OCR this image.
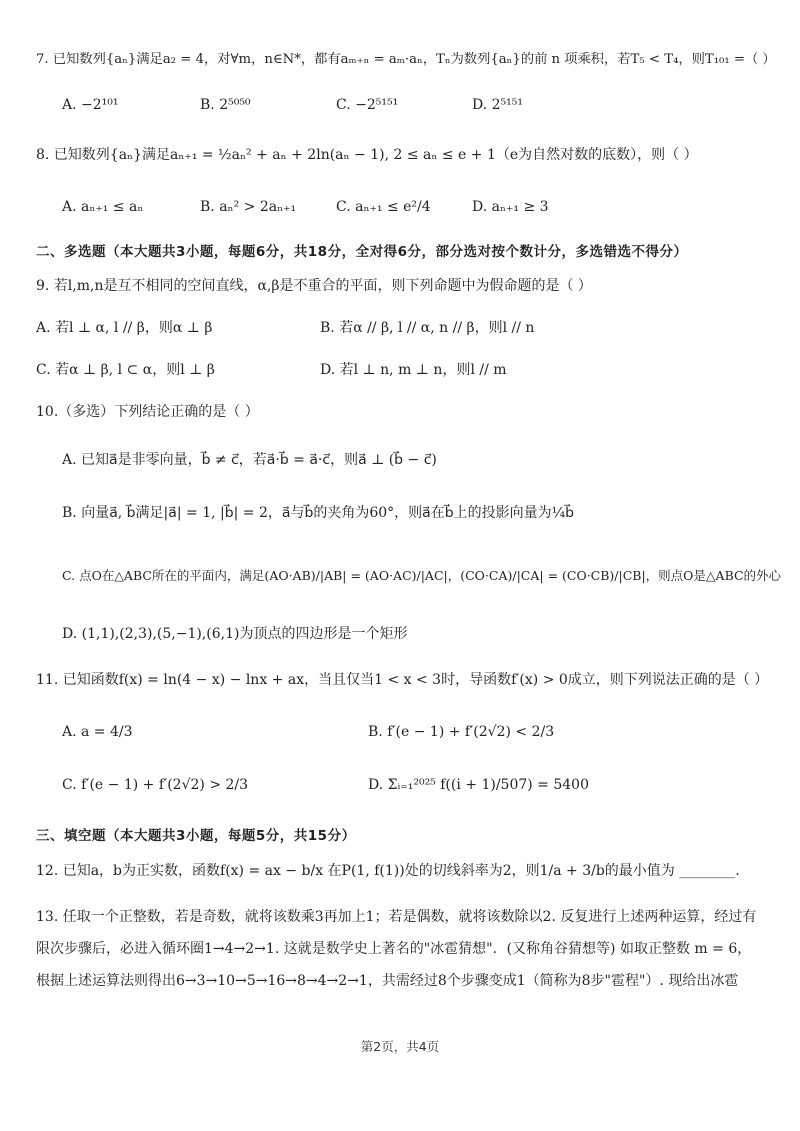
7. 已知数列{aₙ}满足a₂ = 4，对∀m，n∈N*，都有aₘ₊ₙ = aₘ·aₙ，Tₙ为数列{aₙ}的前 n 项乘积，若T₅ < T₄，则T₁₀₁ =（ ）
A. −2¹⁰¹	B. 2⁵⁰⁵⁰	C. −2⁵¹⁵¹	D. 2⁵¹⁵¹
8. 已知数列{aₙ}满足aₙ₊₁ = ½aₙ² + aₙ + 2ln(aₙ − 1), 2 ≤ aₙ ≤ e + 1（e为自然对数的底数），则（ ）
A. aₙ₊₁ ≤ aₙ	B. aₙ² > 2aₙ₊₁	C. aₙ₊₁ ≤ e²/4	D. aₙ₊₁ ≥ 3
二、多选题（本大题共3小题，每题6分，共18分，全对得6分，部分选对按个数计分，多选错选不得分）
9. 若l,m,n是互不相同的空间直线，α,β是不重合的平面，则下列命题中为假命题的是（ ）
A. 若l ⊥ α, l // β，则α ⊥ β	B. 若α // β, l // α, n // β，则l // n
C. 若α ⊥ β, l ⊂ α，则l ⊥ β	D. 若l ⊥ n, m ⊥ n，则l // m
10.（多选）下列结论正确的是（ ）
A. 已知a⃗是非零向量，b⃗ ≠ c⃗，若a⃗·b⃗ = a⃗·c⃗，则a⃗ ⊥ (b⃗ − c⃗)
B. 向量a⃗, b⃗满足|a⃗| = 1, |b⃗| = 2，a⃗与b⃗的夹角为60°，则a⃗在b⃗上的投影向量为¼b⃗
C. 点O在△ABC所在的平面内，满足(AO·AB)/|AB| = (AO·AC)/|AC|，(CO·CA)/|CA| = (CO·CB)/|CB|，则点O是△ABC的外心
D. (1,1),(2,3),(5,−1),(6,1)为顶点的四边形是一个矩形
11. 已知函数f(x) = ln(4 − x) − lnx + ax，当且仅当1 < x < 3时，导函数f′(x) > 0成立，则下列说法正确的是（ ）
A. a = 4/3	B. f′(e − 1) + f′(2√2) < 2/3
C. f′(e − 1) + f′(2√2) > 2/3	D. Σᵢ₌₁²⁰²⁵ f((i + 1)/507) = 5400
三、填空题（本大题共3小题，每题5分，共15分）
12. 已知a，b为正实数，函数f(x) = ax − b/x 在P(1, f(1))处的切线斜率为2，则1/a + 3/b的最小值为 ________.
13. 任取一个正整数，若是奇数，就将该数乘3再加上1；若是偶数，就将该数除以2. 反复进行上述两种运算，经过有
限次步骤后，必进入循环圈1→4→2→1. 这就是数学史上著名的"冰雹猜想"．(又称角谷猜想等) 如取正整数 m = 6，
根据上述运算法则得出6→3→10→5→16→8→4→2→1，共需经过8个步骤变成1（简称为8步"雹程"）. 现给出冰雹
第2页，共4页
